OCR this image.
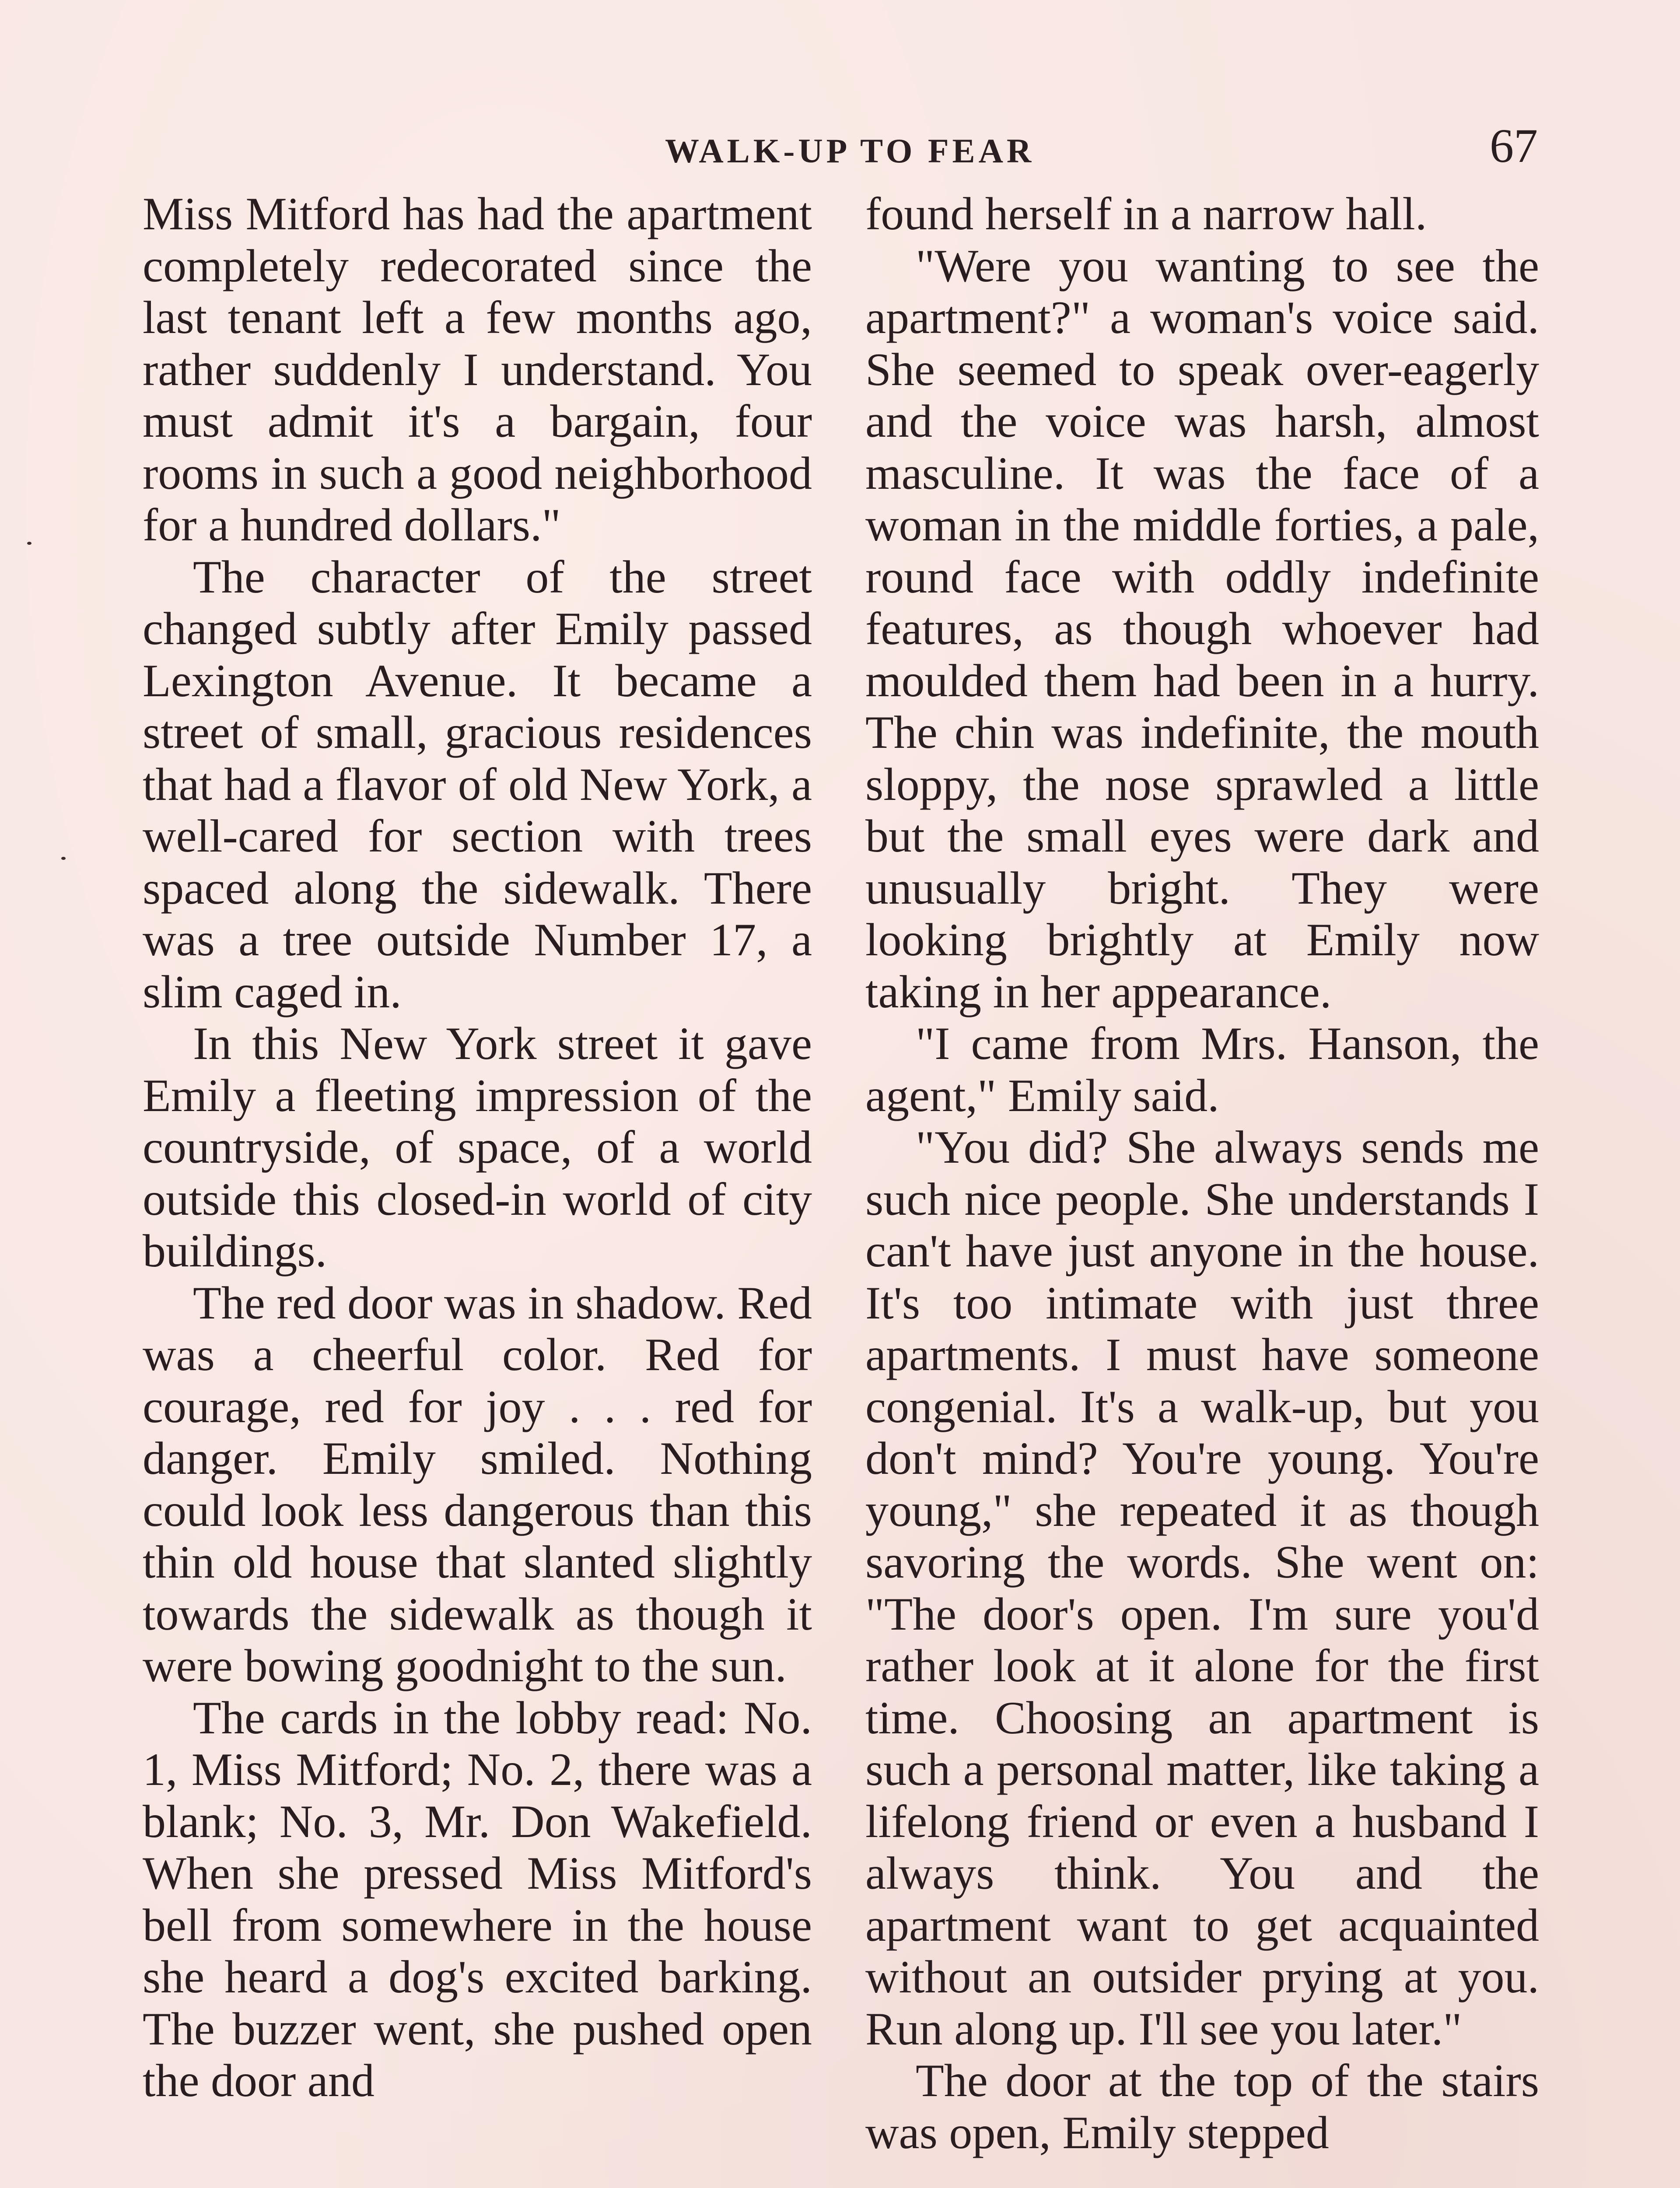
WALK-UP TO FEAR	67

Miss Mitford has had the apartment completely redecorated since the last tenant left a few months ago, rather suddenly I understand. You must admit it's a bargain, four rooms in such a good neighborhood for a hundred dollars."

The character of the street changed subtly after Emily passed Lexington Avenue. It became a street of small, gracious residences that had a flavor of old New York, a well-cared for section with trees spaced along the sidewalk. There was a tree outside Number 17, a slim caged in.

In this New York street it gave Emily a fleeting impression of the countryside, of space, of a world outside this closed-in world of city buildings.

The red door was in shadow. Red was a cheerful color. Red for courage, red for joy . . . red for danger. Emily smiled. Nothing could look less dangerous than this thin old house that slanted slightly towards the sidewalk as though it were bowing goodnight to the sun.

The cards in the lobby read: No. 1, Miss Mitford; No. 2, there was a blank; No. 3, Mr. Don Wakefield. When she pressed Miss Mitford's bell from somewhere in the house she heard a dog's excited barking. The buzzer went, she pushed open the door and

found herself in a narrow hall.

"Were you wanting to see the apartment?" a woman's voice said. She seemed to speak over-eagerly and the voice was harsh, almost masculine. It was the face of a woman in the middle forties, a pale, round face with oddly indefinite features, as though whoever had moulded them had been in a hurry. The chin was indefinite, the mouth sloppy, the nose sprawled a little but the small eyes were dark and unusually bright. They were looking brightly at Emily now taking in her appearance.

"I came from Mrs. Hanson, the agent," Emily said.

"You did? She always sends me such nice people. She understands I can't have just anyone in the house. It's too intimate with just three apartments. I must have someone congenial. It's a walk-up, but you don't mind? You're young. You're young," she repeated it as though savoring the words. She went on: "The door's open. I'm sure you'd rather look at it alone for the first time. Choosing an apartment is such a personal matter, like taking a lifelong friend or even a husband I always think. You and the apartment want to get acquainted without an outsider prying at you. Run along up. I'll see you later."

The door at the top of the stairs was open, Emily stepped
